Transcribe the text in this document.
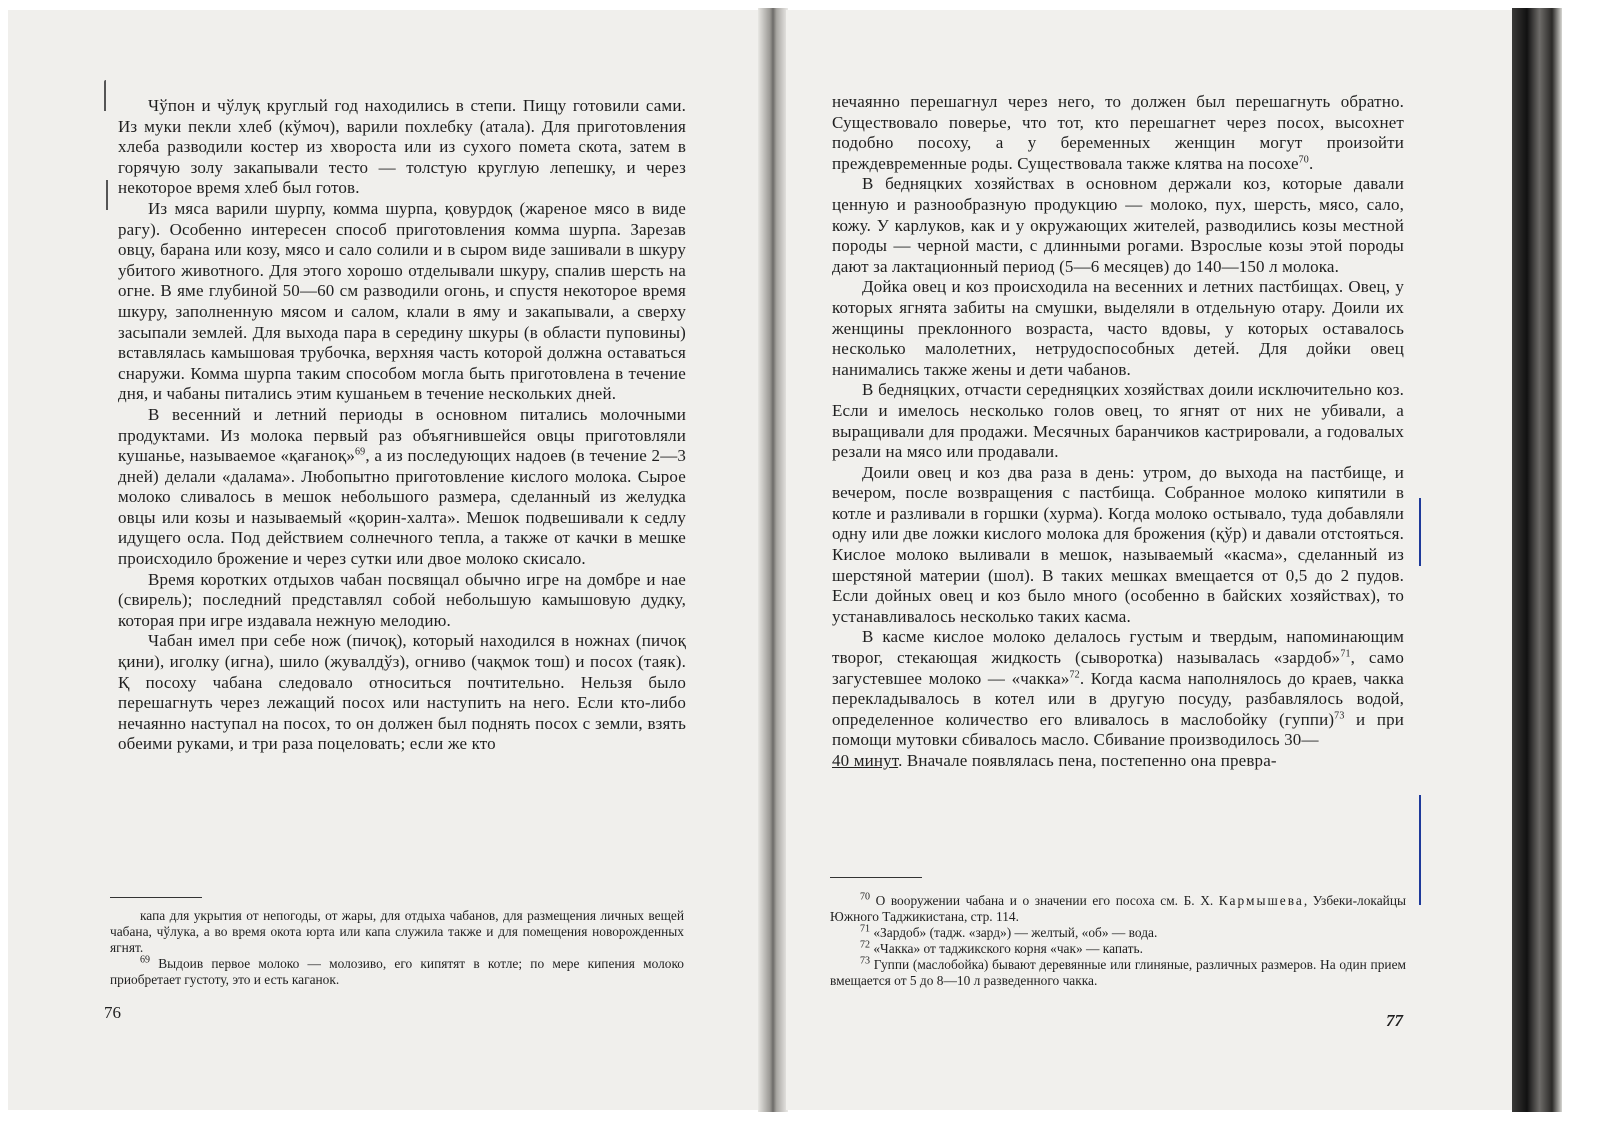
Чўпон и чўлуқ круглый год находились в степи. Пищу готовили сами. Из муки пекли хлеб (кўмоч), варили похлебку (атала). Для приготовления хлеба разводили костер из хвороста или из сухого помета скота, затем в горячую золу закапывали тесто — толстую круглую лепешку, и через некоторое время хлеб был готов.

Из мяса варили шурпу, комма шурпа, қовурдоқ (жареное мясо в виде рагу). Особенно интересен способ приготовления комма шурпа. Зарезав овцу, барана или козу, мясо и сало солили и в сыром виде зашивали в шкуру убитого животного. Для этого хорошо отделывали шкуру, спалив шерсть на огне. В яме глубиной 50—60 см разводили огонь, и спустя некоторое время шкуру, заполненную мясом и салом, клали в яму и закапывали, а сверху засыпали землей. Для выхода пара в середину шкуры (в области пуповины) вставлялась камышовая трубочка, верхняя часть которой должна оставаться снаружи. Комма шурпа таким способом могла быть приготовлена в течение дня, и чабаны питались этим кушаньем в течение нескольких дней.

В весенний и летний периоды в основном питались молочными продуктами. Из молока первый раз объягнившейся овцы приготовляли кушанье, называемое «қағаноқ»$^{69}$, а из последующих надоев (в течение 2—3 дней) делали «далама». Любопытно приготовление кислого молока. Сырое молоко сливалось в мешок небольшого размера, сделанный из желудка овцы или козы и называемый «қорин-халта». Мешок подвешивали к седлу идущего осла. Под действием солнечного тепла, а также от качки в мешке происходило брожение и через сутки или двое молоко скисало.

Время коротких отдыхов чабан посвящал обычно игре на домбре и нае (свирель); последний представлял собой небольшую камышовую дудку, которая при игре издавала нежную мелодию.

Чабан имел при себе нож (пичоқ), который находился в ножнах (пичоқ қини), иголку (игна), шило (жувалдўз), огниво (чақмок тош) и посох (таяк). Қ посоху чабана следовало относиться почтительно. Нельзя было перешагнуть через лежащий посох или наступить на него. Если кто-либо нечаянно наступал на посох, то он должен был поднять посох с земли, взять обеими руками, и три раза поцеловать; если же кто

капа для укрытия от непогоды, от жары, для отдыха чабанов, для размещения личных вещей чабана, чўлука, а во время окота юрта или капа служила также и для помещения новорожденных ягнят.

$^{69}$ Выдоив первое молоко — молозиво, его кипятят в котле; по мере кипения молоко приобретает густоту, это и есть каганок.

76

нечаянно перешагнул через него, то должен был перешагнуть обратно. Существовало поверье, что тот, кто перешагнет через посох, высохнет подобно посоху, а у беременных женщин могут произойти преждевременные роды. Существовала также клятва на посохе$^{70}$.

В бедняцких хозяйствах в основном держали коз, которые давали ценную и разнообразную продукцию — молоко, пух, шерсть, мясо, сало, кожу. У карлуков, как и у окружающих жителей, разводились козы местной породы — черной масти, с длинными рогами. Взрослые козы этой породы дают за лактационный период (5—6 месяцев) до 140—150 л молока.

Дойка овец и коз происходила на весенних и летних пастбищах. Овец, у которых ягнята забиты на смушки, выделяли в отдельную отару. Доили их женщины преклонного возраста, часто вдовы, у которых оставалось несколько малолетних, нетрудоспособных детей. Для дойки овец нанимались также жены и дети чабанов.

В бедняцких, отчасти середняцких хозяйствах доили исключительно коз. Если и имелось несколько голов овец, то ягнят от них не убивали, а выращивали для продажи. Месячных баранчиков кастрировали, а годовалых резали на мясо или продавали.

Доили овец и коз два раза в день: утром, до выхода на пастбище, и вечером, после возвращения с пастбища. Собранное молоко кипятили в котле и разливали в горшки (хурма). Когда молоко остывало, туда добавляли одну или две ложки кислого молока для брожения (қўр) и давали отстояться. Кислое молоко выливали в мешок, называемый «касма», сделанный из шерстяной материи (шол). В таких мешках вмещается от 0,5 до 2 пудов. Если дойных овец и коз было много (особенно в байских хозяйствах), то устанавливалось несколько таких касма.

В касме кислое молоко делалось густым и твердым, напоминающим творог, стекающая жидкость (сыворотка) называлась «зардоб»$^{71}$, само загустевшее молоко — «чакка»$^{72}$. Когда касма наполнялось до краев, чакка перекладывалось в котел или в другую посуду, разбавлялось водой, определенное количество его вливалось в маслобойку (гуппи)$^{73}$ и при помощи мутовки сбивалось масло. Сбивание производилось 30—
40 минут. Вначале появлялась пена, постепенно она превра-

$^{70}$ О вооружении чабана и о значении его посоха см. Б. Х. Кармышева, Узбеки-локайцы Южного Таджикистана, стр. 114.

$^{71}$ «Зардоб» (тадж. «зард») — желтый, «об» — вода.

$^{72}$ «Чакка» от таджикского корня «чак» — капать.

$^{73}$ Гуппи (маслобойка) бывают деревянные или глиняные, различных размеров. На один прием вмещается от 5 до 8—10 л разведенного чакка.

77
